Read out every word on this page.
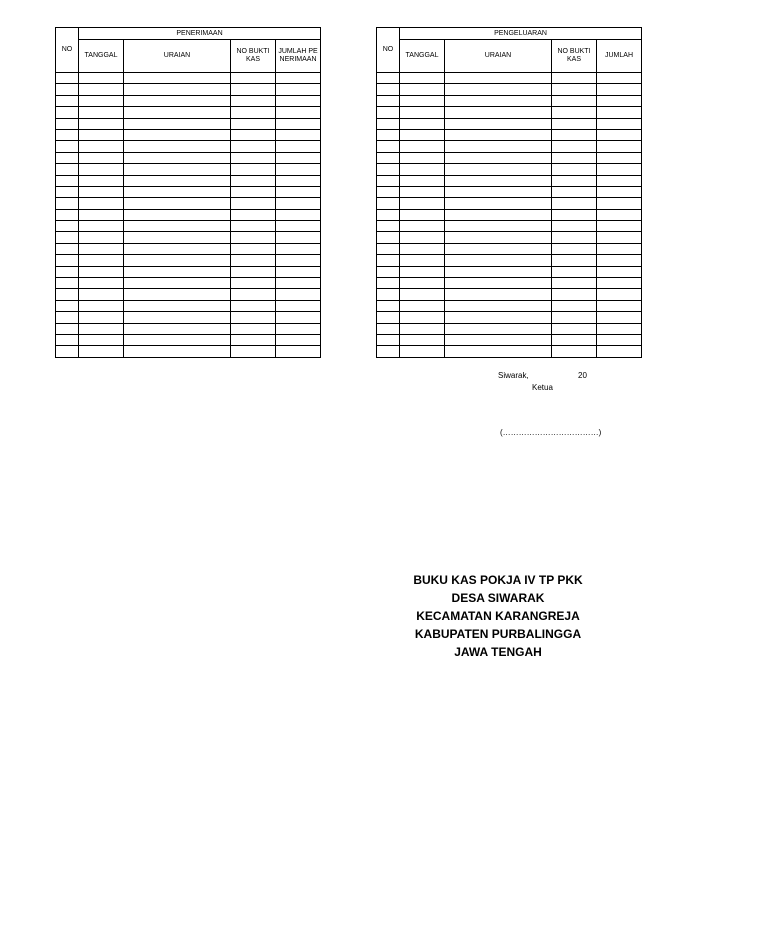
NO	PENERIMAAN			
	TANGGAL	URAIAN	NO BUKTI KAS	JUMLAH PENERIMAAN

NO	PENGELUARAN			
	TANGGAL	URAIAN	NO BUKTI KAS	JUMLAH

Siwarak,	20
Ketua
(………………………………)
BUKU KAS POKJA IV TP PKK
DESA SIWARAK
KECAMATAN KARANGREJA
KABUPATEN PURBALINGGA
JAWA TENGAH
